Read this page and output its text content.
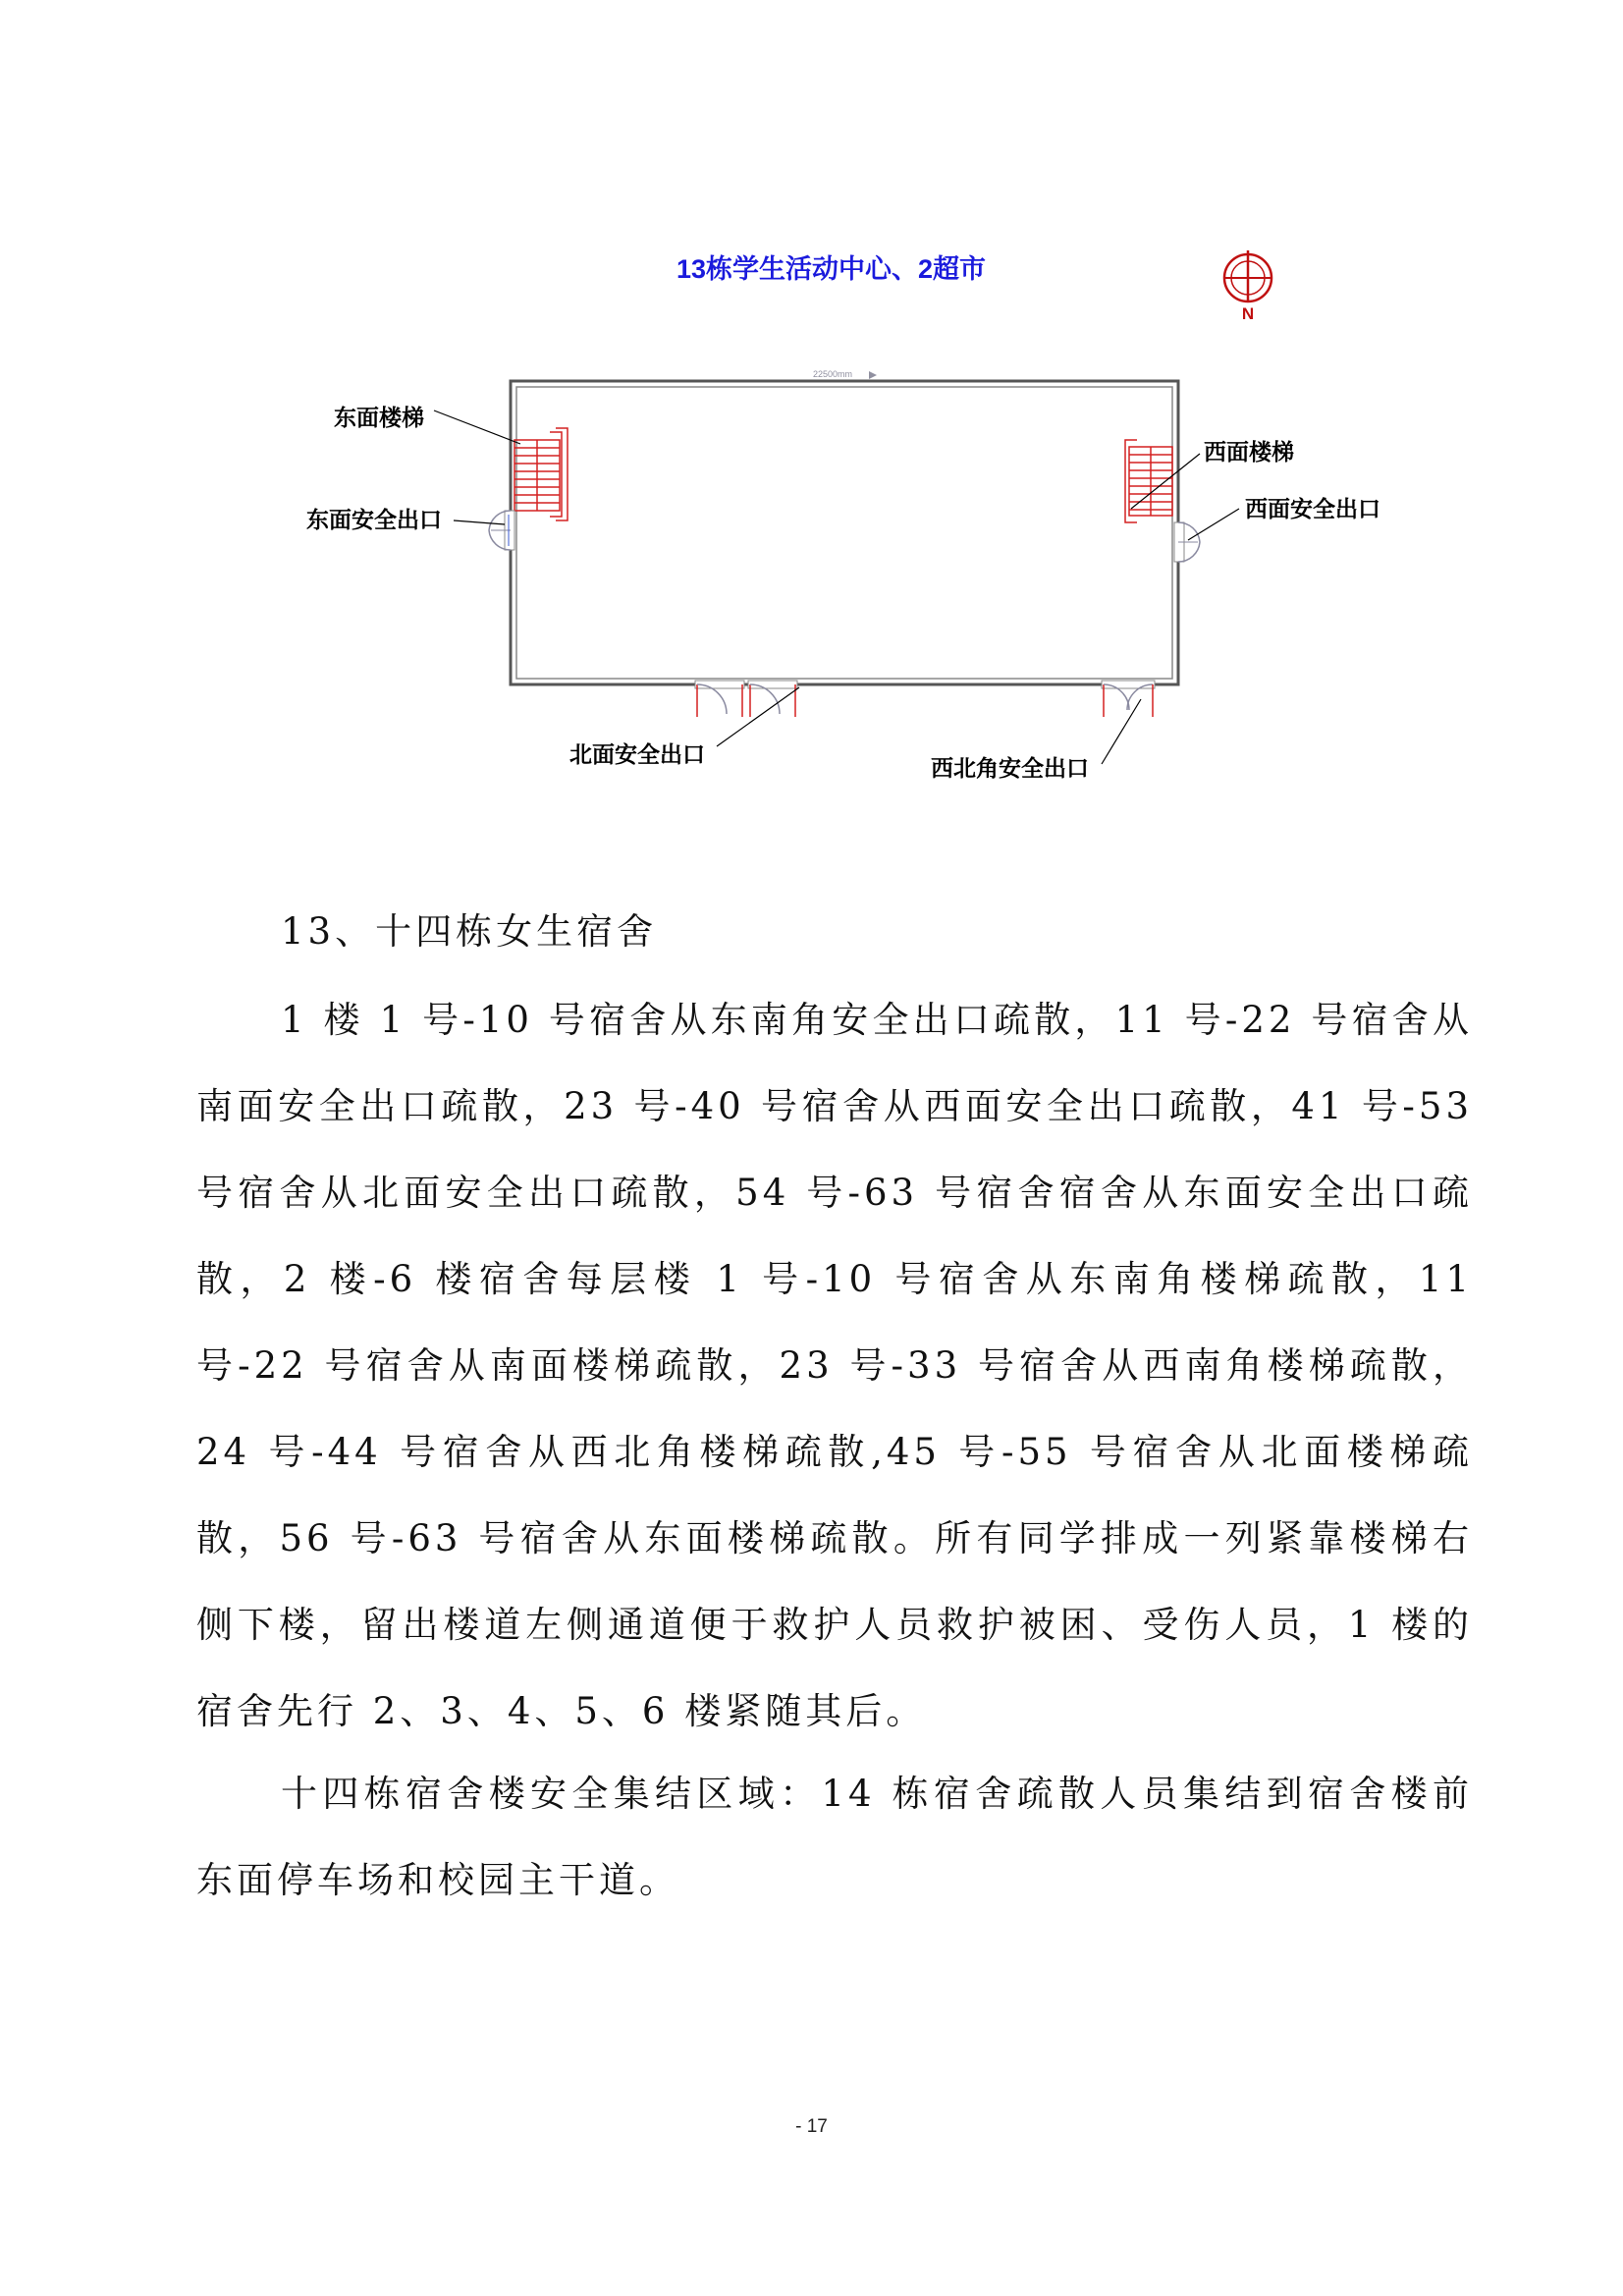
13栋学生活动中心、2超市
N
22500mm
东面楼梯
东面安全出口
西面楼梯
西面安全出口
北面安全出口
西北角安全出口
13、十四栋女生宿舍
1 楼 1 号-10 号宿舍从东南角安全出口疏散，11 号-22 号宿舍从南面安全出口疏散，23 号-40 号宿舍从西面安全出口疏散，41 号-53 号宿舍从北面安全出口疏散，54 号-63 号宿舍宿舍从东面安全出口疏散，2 楼-6 楼宿舍每层楼 1 号-10 号宿舍从东南角楼梯疏散，11 号-22 号宿舍从南面楼梯疏散，23 号-33 号宿舍从西南角楼梯疏散，24 号-44 号宿舍从西北角楼梯疏散,45 号-55 号宿舍从北面楼梯疏散，56 号-63 号宿舍从东面楼梯疏散。所有同学排成一列紧靠楼梯右侧下楼，留出楼道左侧通道便于救护人员救护被困、受伤人员，1 楼的宿舍先行 2、3、4、5、6 楼紧随其后。
十四栋宿舍楼安全集结区域：14 栋宿舍疏散人员集结到宿舍楼前东面停车场和校园主干道。
- 17
